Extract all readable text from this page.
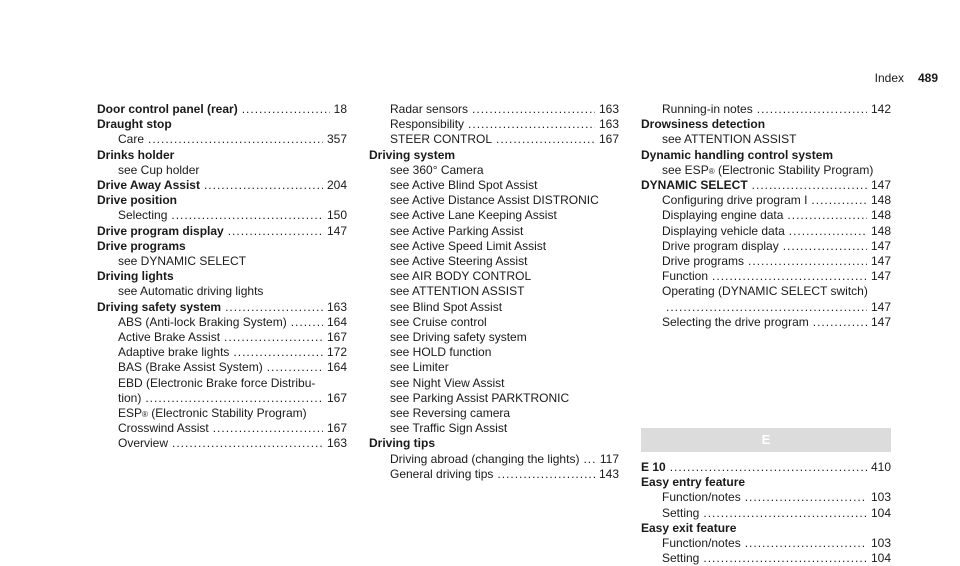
Index 489
Door control panel (rear) .....	18
Draught stop
Care .....	357
Drinks holder
see Cup holder
Drive Away Assist .....	204
Drive position
Selecting .....	150
Drive program display .....	147
Drive programs
see DYNAMIC SELECT
Driving lights
see Automatic driving lights
Driving safety system .....	163
ABS (Anti-lock Braking System) .....	164
Active Brake Assist .....	167
Adaptive brake lights .....	172
BAS (Brake Assist System) .....	164
EBD (Electronic Brake force Distribu-
tion) .....	167
ESP ® (Electronic Stability Program)
Crosswind Assist .....	167
Overview .....	163
Radar sensors .....	163
Responsibility .....	163
STEER CONTROL .....	167
Driving system
see 360° Camera
see Active Blind Spot Assist
see Active Distance Assist DISTRONIC
see Active Lane Keeping Assist
see Active Parking Assist
see Active Speed Limit Assist
see Active Steering Assist
see AIR BODY CONTROL
see ATTENTION ASSIST
see Blind Spot Assist
see Cruise control
see Driving safety system
see HOLD function
see Limiter
see Night View Assist
see Parking Assist PARKTRONIC
see Reversing camera
see Traffic Sign Assist
Driving tips
Driving abroad (changing the lights) ..... 117
General driving tips .....	143
Running-in notes .....	142
Drowsiness detection
see ATTENTION ASSIST
Dynamic handling control system
see ESP ® (Electronic Stability Program)
DYNAMIC SELECT .....	147
Configuring drive program I .....	148
Displaying engine data .....	148
Displaying vehicle data .....	148
Drive program display .....	147
Drive programs .....	147
Function .....	147
Operating (DYNAMIC SELECT switch)
.....
147
Selecting the drive program .....	147
E
E 10 .....	410
Easy entry feature
Function/notes .....	103
Setting .....	104
Easy exit feature
Function/notes .....	103
Setting .....	104
